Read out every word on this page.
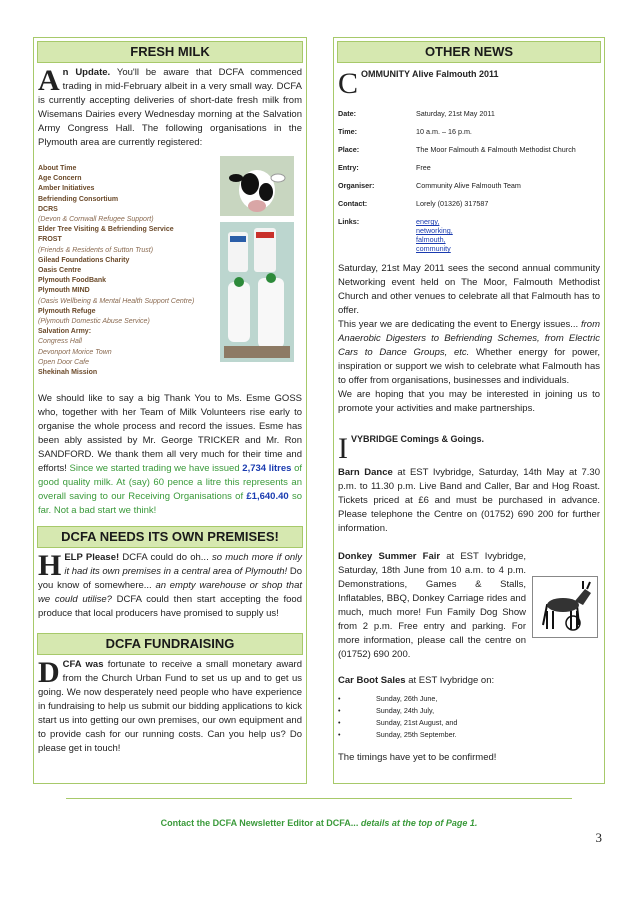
FRESH MILK
A n Update. You'll be aware that DCFA commenced trading in mid-February albeit in a very small way. DCFA is currently accepting deliveries of short-date fresh milk from Wisemans Dairies every Wednesday morning at the Salvation Army Congress Hall. The following organisations in the Plymouth area are currently registered:
About Time
Age Concern
Amber Initiatives
Befriending Consortium
DCRS
(Devon & Cornwall Refugee Support)
Elder Tree Visiting & Befriending Service
FROST
(Friends & Residents of Sutton Trust)
Gilead Foundations Charity
Oasis Centre
Plymouth FoodBank
Plymouth MIND
(Oasis Wellbeing & Mental Health Support Centre)
Plymouth Refuge
(Plymouth Domestic Abuse Service)
Salvation Army:
Congress Hall
Devonport Morice Town
Open Door Cafe
Shekinah Mission
We should like to say a big Thank You to Ms. Esme GOSS who, together with her Team of Milk Volunteers rise early to organise the whole process and record the issues. Esme has been ably assisted by Mr. George TRICKER and Mr. Ron SANDFORD. We thank them all very much for their time and efforts! Since we started trading we have issued 2,734 litres of good quality milk. At (say) 60 pence a litre this represents an overall saving to our Receiving Organisations of £1,640.40 so far. Not a bad start we think!
DCFA NEEDS ITS OWN PREMISES!
H ELP Please! DCFA could do oh... so much more if only it had its own premises in a central area of Plymouth! Do you know of somewhere... an empty warehouse or shop that we could utilise? DCFA could then start accepting the food produce that local producers have promised to supply us!
DCFA FUNDRAISING
D CFA was fortunate to receive a small monetary award from the Church Urban Fund to set us up and to get us going. We now desperately need people who have experience in fundraising to help us submit our bidding applications to kick start us into getting our own premises, our own equipment and to provide cash for our running costs. Can you help us? Do please get in touch!
OTHER NEWS
C OMMUNITY Alive Falmouth 2011
Date:	Saturday, 21st May 2011
Time:	10 a.m. – 16 p.m.
Place:	The Moor Falmouth & Falmouth Methodist Church
Entry:	Free
Organiser:	Community Alive Falmouth Team
Contact:	Lorely (01326) 317587
Links:	energy,
networking,
falmouth,
community
Saturday, 21st May 2011 sees the second annual community Networking event held on The Moor, Falmouth Methodist Church and other venues to celebrate all that Falmouth has to offer.
This year we are dedicating the event to Energy issues... from Anaerobic Digesters to Befriending Schemes, from Electric Cars to Dance Groups, etc. Whether energy for power, inspiration or support we wish to celebrate what Falmouth has to offer from organisations, businesses and individuals.
We are hoping that you may be interested in joining us to promote your activities and make partnerships.
I VYBRIDGE Comings & Goings.
Barn Dance at EST Ivybridge, Saturday, 14th May at 7.30 p.m. to 11.30 p.m. Live Band and Caller, Bar and Hog Roast. Tickets priced at £6 and must be purchased in advance. Please telephone the Centre on (01752) 690 200 for further information.
Donkey Summer Fair at EST Ivybridge, Saturday, 18th June from 10 a.m. to 4 p.m. Demonstrations, Games & Stalls, Inflatables, BBQ, Donkey Carriage rides and much, much more! Fun Family Dog Show from 2 p.m. Free entry and parking. For more information, please call the centre on (01752) 690 200.
Car Boot Sales at EST Ivybridge on:
•	Sunday, 26th June,
•	Sunday, 24th July,
•	Sunday, 21st August, and
•	Sunday, 25th September.
The timings have yet to be confirmed!
Contact the DCFA Newsletter Editor at DCFA... details at the top of Page 1.
3
